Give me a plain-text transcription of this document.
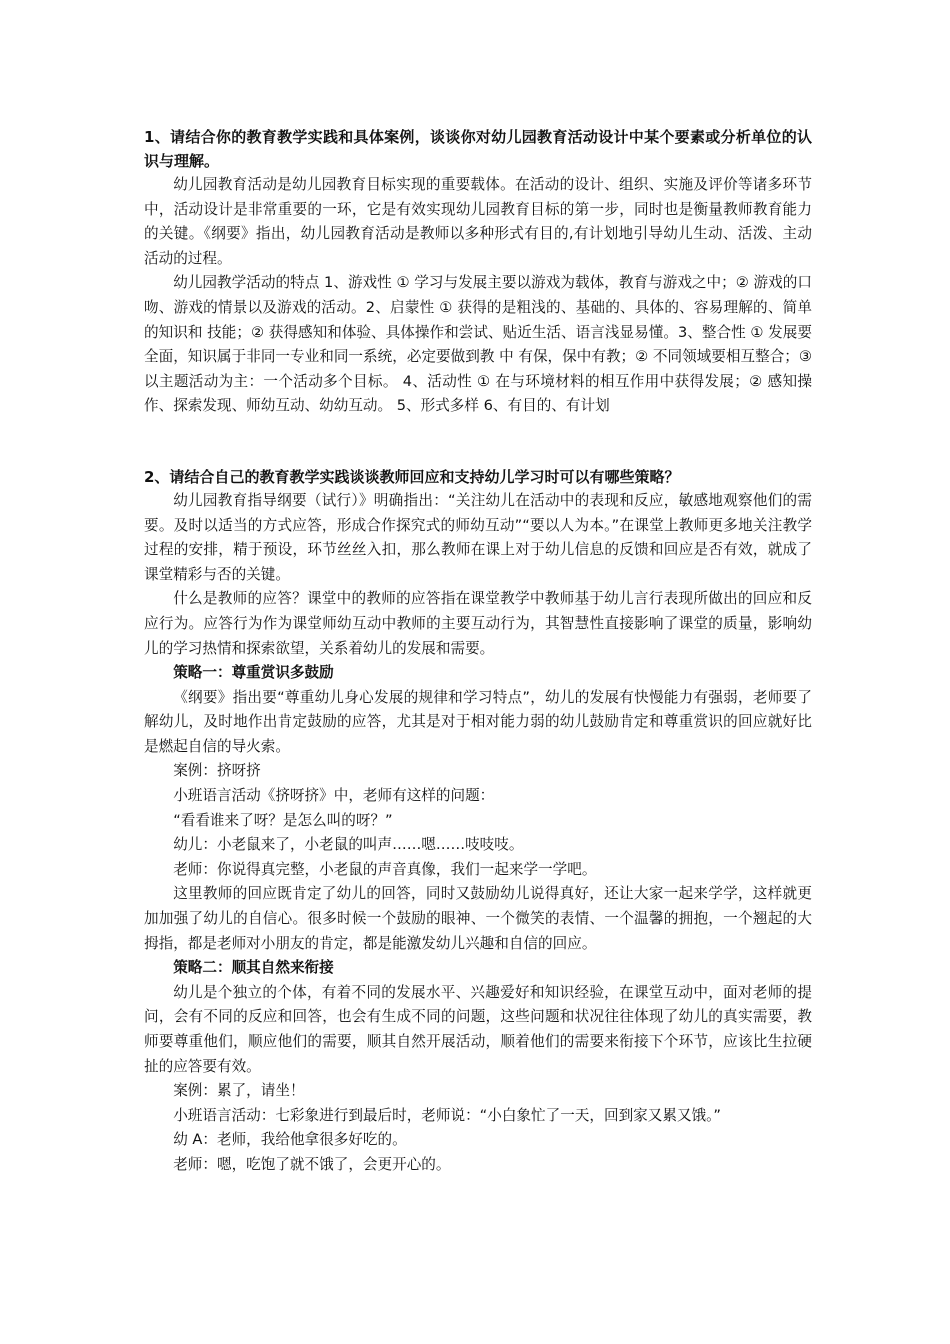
1、请结合你的教育教学实践和具体案例，谈谈你对幼儿园教育活动设计中某个要素或分析单位的认识与理解。

幼儿园教育活动是幼儿园教育目标实现的重要载体。在活动的设计、组织、实施及评价等诸多环节中，活动设计是非常重要的一环，它是有效实现幼儿园教育目标的第一步，同时也是衡量教师教育能力的关键。《纲要》指出，幼儿园教育活动是教师以多种形式有目的,有计划地引导幼儿生动、活泼、主动活动的过程。

幼儿园教学活动的特点 1、游戏性 ① 学习与发展主要以游戏为载体，教育与游戏之中；② 游戏的口吻、游戏的情景以及游戏的活动。2、启蒙性 ① 获得的是粗浅的、基础的、具体的、容易理解的、简单的知识和 技能；② 获得感知和体验、具体操作和尝试、贴近生活、语言浅显易懂。3、整合性 ① 发展要全面，知识属于非同一专业和同一系统，必定要做到教 中 有保，保中有教；② 不同领域要相互整合；③ 以主题活动为主：一个活动多个目标。 4、活动性 ① 在与环境材料的相互作用中获得发展；② 感知操作、探索发现、师幼互动、幼幼互动。 5、形式多样 6、有目的、有计划

2、请结合自己的教育教学实践谈谈教师回应和支持幼儿学习时可以有哪些策略？

幼儿园教育指导纲要（试行）》明确指出：“关注幼儿在活动中的表现和反应，敏感地观察他们的需要。及时以适当的方式应答，形成合作探究式的师幼互动”“要以人为本。”在课堂上教师更多地关注教学过程的安排，精于预设，环节丝丝入扣，那么教师在课上对于幼儿信息的反馈和回应是否有效，就成了课堂精彩与否的关键。

什么是教师的应答？课堂中的教师的应答指在课堂教学中教师基于幼儿言行表现所做出的回应和反应行为。应答行为作为课堂师幼互动中教师的主要互动行为，其智慧性直接影响了课堂的质量，影响幼儿的学习热情和探索欲望，关系着幼儿的发展和需要。

策略一：尊重赏识多鼓励

《纲要》指出要“尊重幼儿身心发展的规律和学习特点”，幼儿的发展有快慢能力有强弱，老师要了解幼儿，及时地作出肯定鼓励的应答，尤其是对于相对能力弱的幼儿鼓励肯定和尊重赏识的回应就好比是燃起自信的导火索。

案例：挤呀挤

小班语言活动《挤呀挤》中，老师有这样的问题：

“看看谁来了呀？是怎么叫的呀？”

幼儿：小老鼠来了，小老鼠的叫声……嗯……吱吱吱。

老师：你说得真完整，小老鼠的声音真像，我们一起来学一学吧。

这里教师的回应既肯定了幼儿的回答，同时又鼓励幼儿说得真好，还让大家一起来学学，这样就更加加强了幼儿的自信心。很多时候一个鼓励的眼神、一个微笑的表情、一个温馨的拥抱，一个翘起的大拇指，都是老师对小朋友的肯定，都是能激发幼儿兴趣和自信的回应。

策略二：顺其自然来衔接

幼儿是个独立的个体，有着不同的发展水平、兴趣爱好和知识经验，在课堂互动中，面对老师的提问，会有不同的反应和回答，也会有生成不同的问题，这些问题和状况往往体现了幼儿的真实需要，教师要尊重他们，顺应他们的需要，顺其自然开展活动，顺着他们的需要来衔接下个环节，应该比生拉硬扯的应答要有效。

案例：累了，请坐！

小班语言活动：七彩象进行到最后时，老师说：“小白象忙了一天，回到家又累又饿。”

幼 A：老师，我给他拿很多好吃的。

老师：嗯，吃饱了就不饿了，会更开心的。
